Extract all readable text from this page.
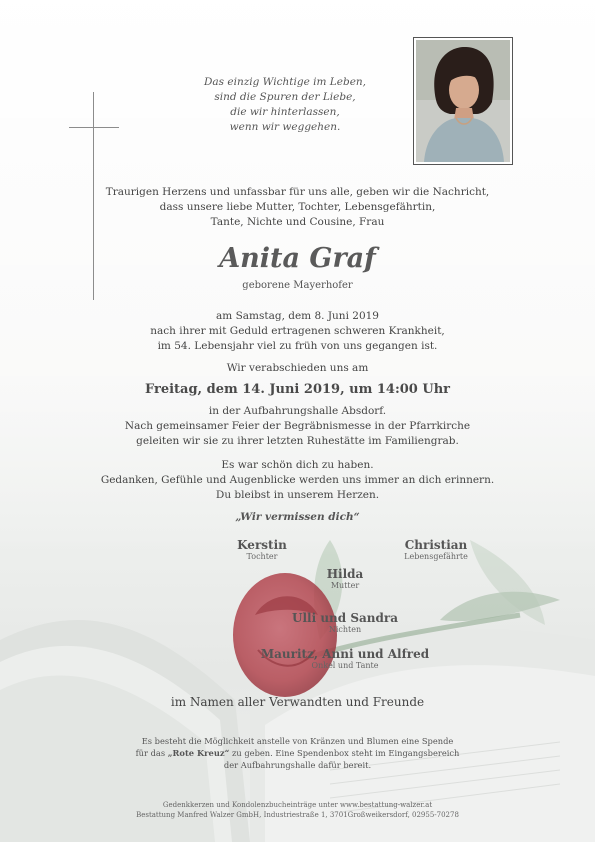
Das einzig Wichtige im Leben,
sind die Spuren der Liebe,
die wir hinterlassen,
wenn wir weggehen.
Traurigen Herzens und unfassbar für uns alle, geben wir die Nachricht,
dass unsere liebe Mutter, Tochter, Lebensgefährtin,
Tante, Nichte und Cousine, Frau
Anita Graf
geborene Mayerhofer
am Samstag, dem 8. Juni 2019
nach ihrer mit Geduld ertragenen schweren Krankheit,
im 54. Lebensjahr viel zu früh von uns gegangen ist.
Wir verabschieden uns am
Freitag, dem 14. Juni 2019, um 14:00 Uhr
in der Aufbahrungshalle Absdorf.
Nach gemeinsamer Feier der Begräbnismesse in der Pfarrkirche
geleiten wir sie zu ihrer letzten Ruhestätte im Familiengrab.
Es war schön dich zu haben.
Gedanken, Gefühle und Augenblicke werden uns immer an dich erinnern.
Du bleibst in unserem Herzen.
„Wir vermissen dich“
Kerstin
Tochter
Christian
Lebensgefährte
Hilda
Mutter
Ulli und Sandra
Nichten
Mauritz, Anni und Alfred
Onkel und Tante
im Namen aller Verwandten und Freunde
Es besteht die Möglichkeit anstelle von Kränzen und Blumen eine Spende
für das „Rote Kreuz“ zu geben. Eine Spendenbox steht im Eingangsbereich
der Aufbahrungshalle dafür bereit.
Gedenkkerzen und Kondolenzbucheinträge unter www.bestattung-walzer.at
Bestattung Manfred Walzer GmbH, Industriestraße 1, 3701Großweikersdorf, 02955-70278
